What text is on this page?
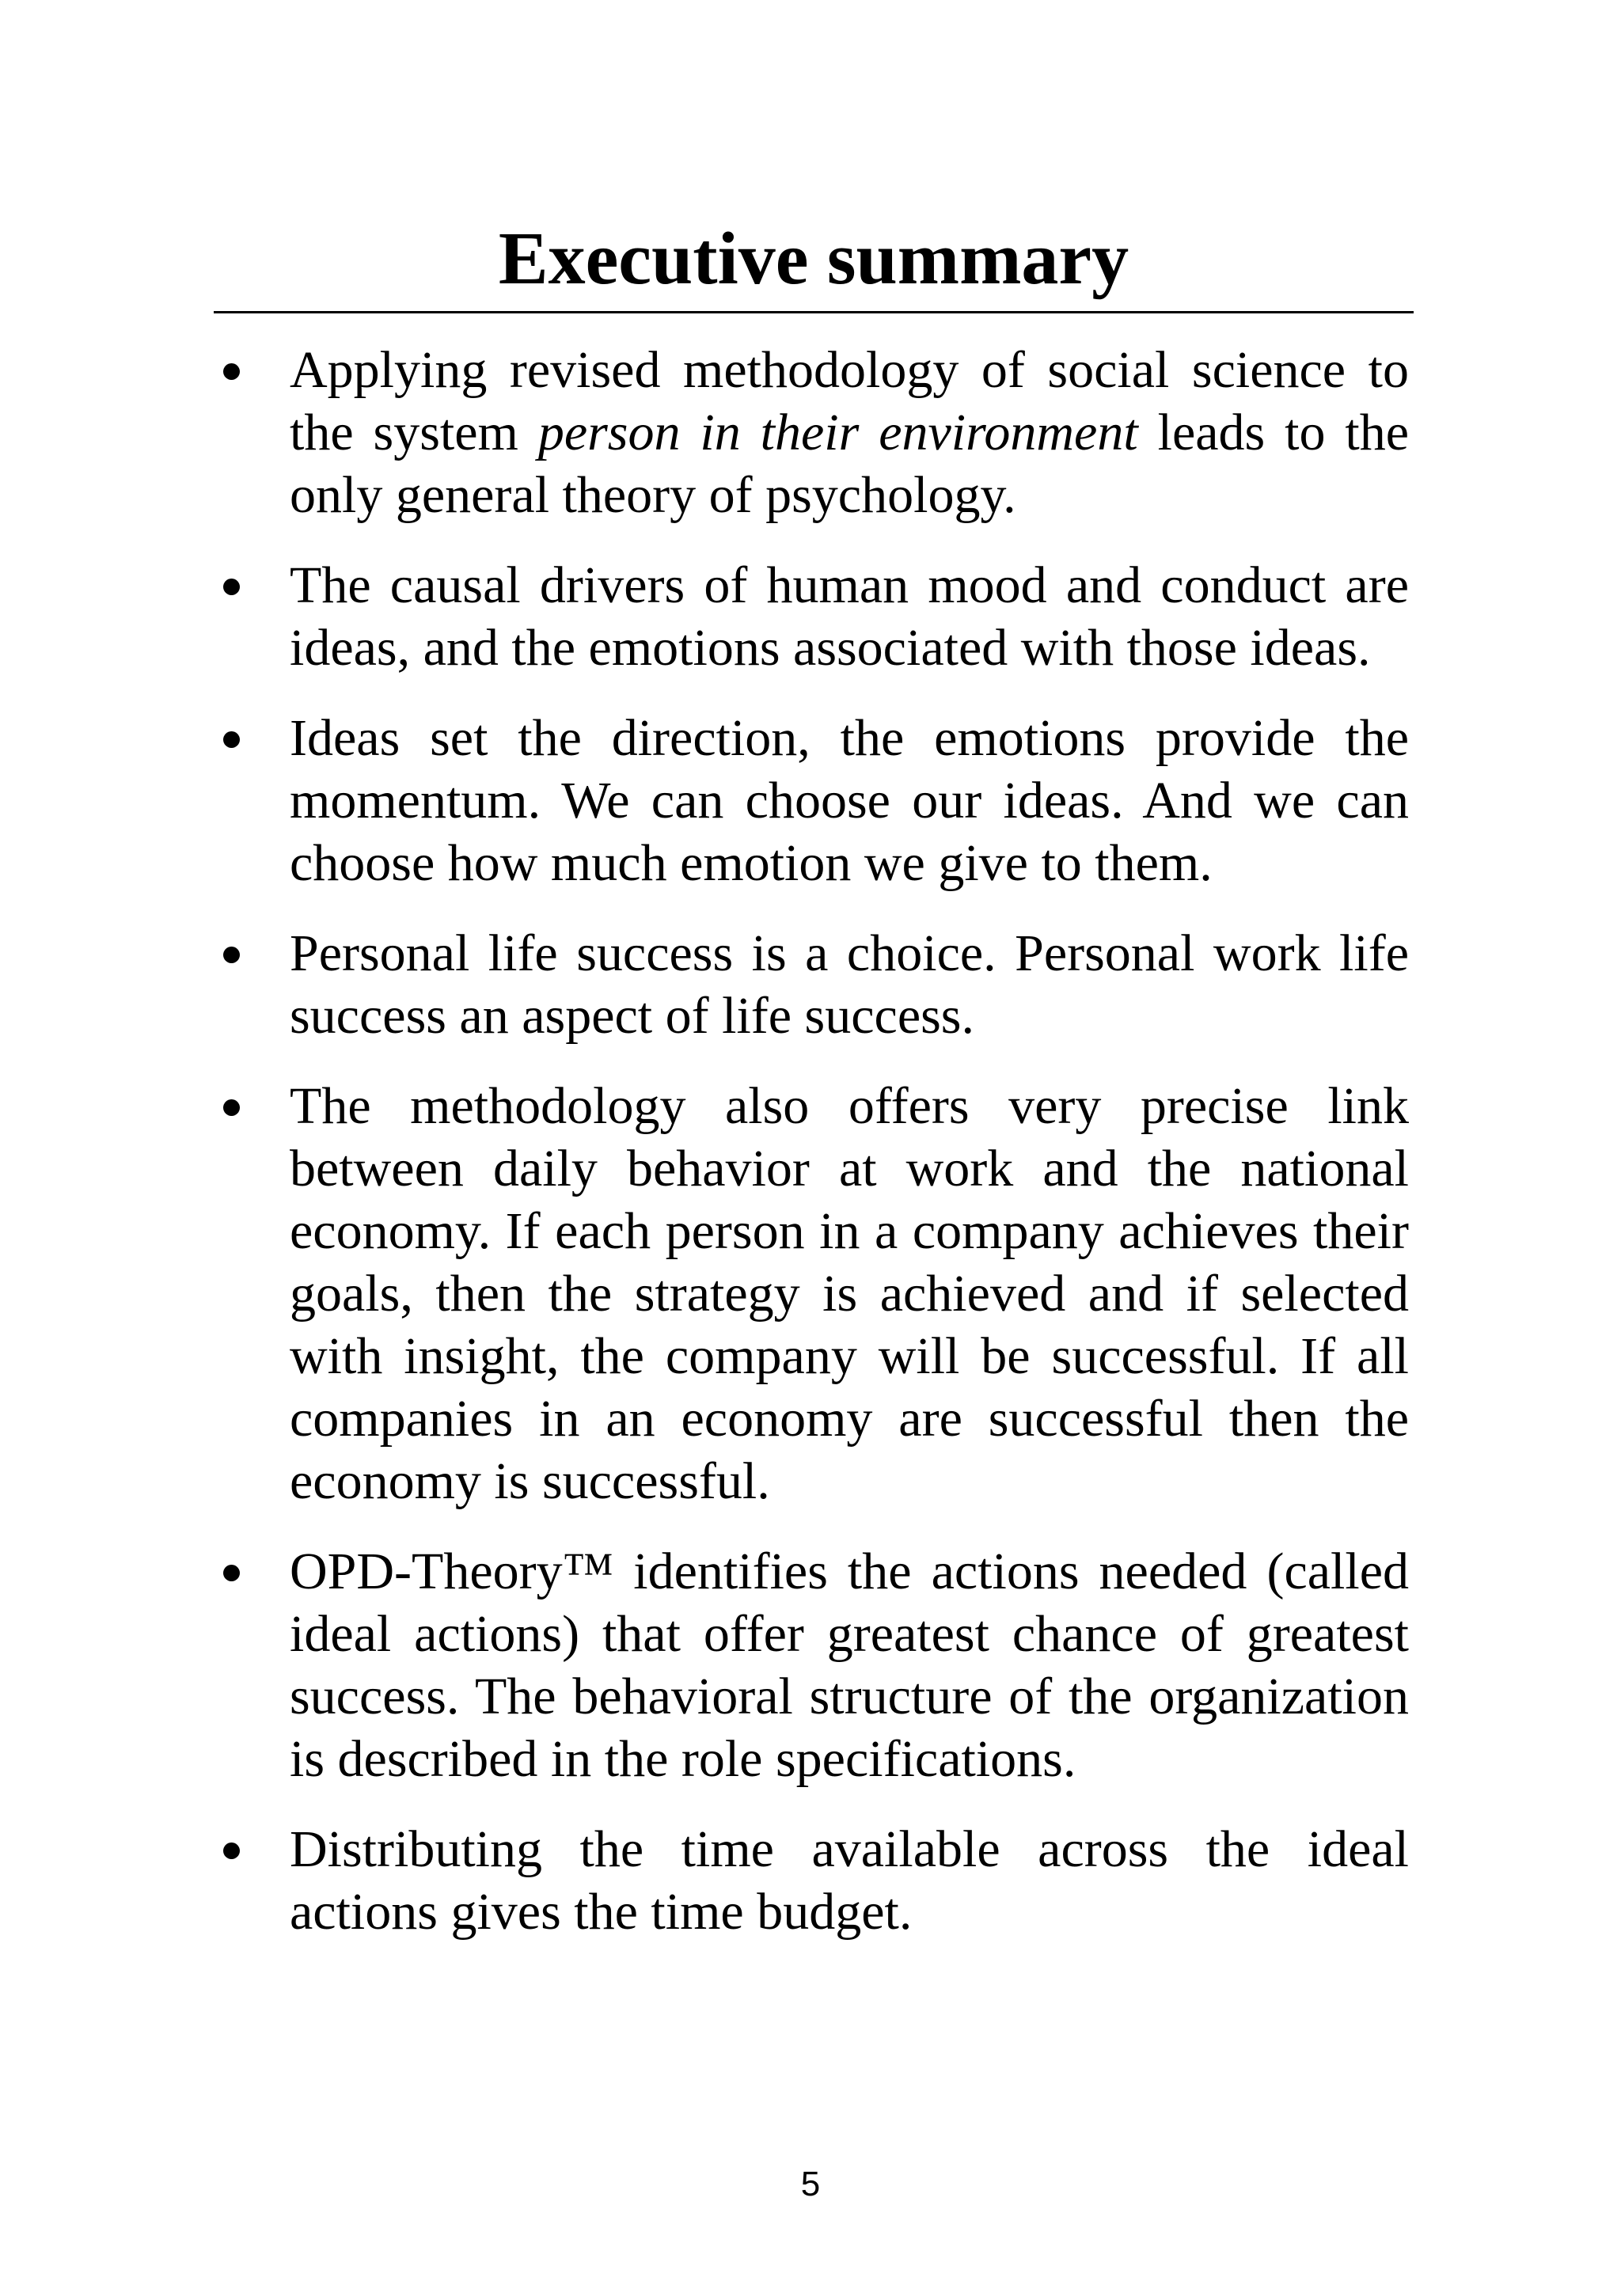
Executive summary
Applying revised methodology of social science to the system person in their environment leads to the only general theory of psychology.
The causal drivers of human mood and conduct are ideas, and the emotions associated with those ideas.
Ideas set the direction, the emotions provide the momentum. We can choose our ideas. And we can choose how much emotion we give to them.
Personal life success is a choice. Personal work life success an aspect of life success.
The methodology also offers very precise link between daily behavior at work and the national economy. If each person in a company achieves their goals, then the strategy is achieved and if selected with insight, the company will be successful. If all companies in an economy are successful then the economy is successful.
OPD-Theory™ identifies the actions needed (called ideal actions) that offer greatest chance of greatest success. The behavioral structure of the organization is described in the role specifications.
Distributing the time available across the ideal actions gives the time budget.
5
